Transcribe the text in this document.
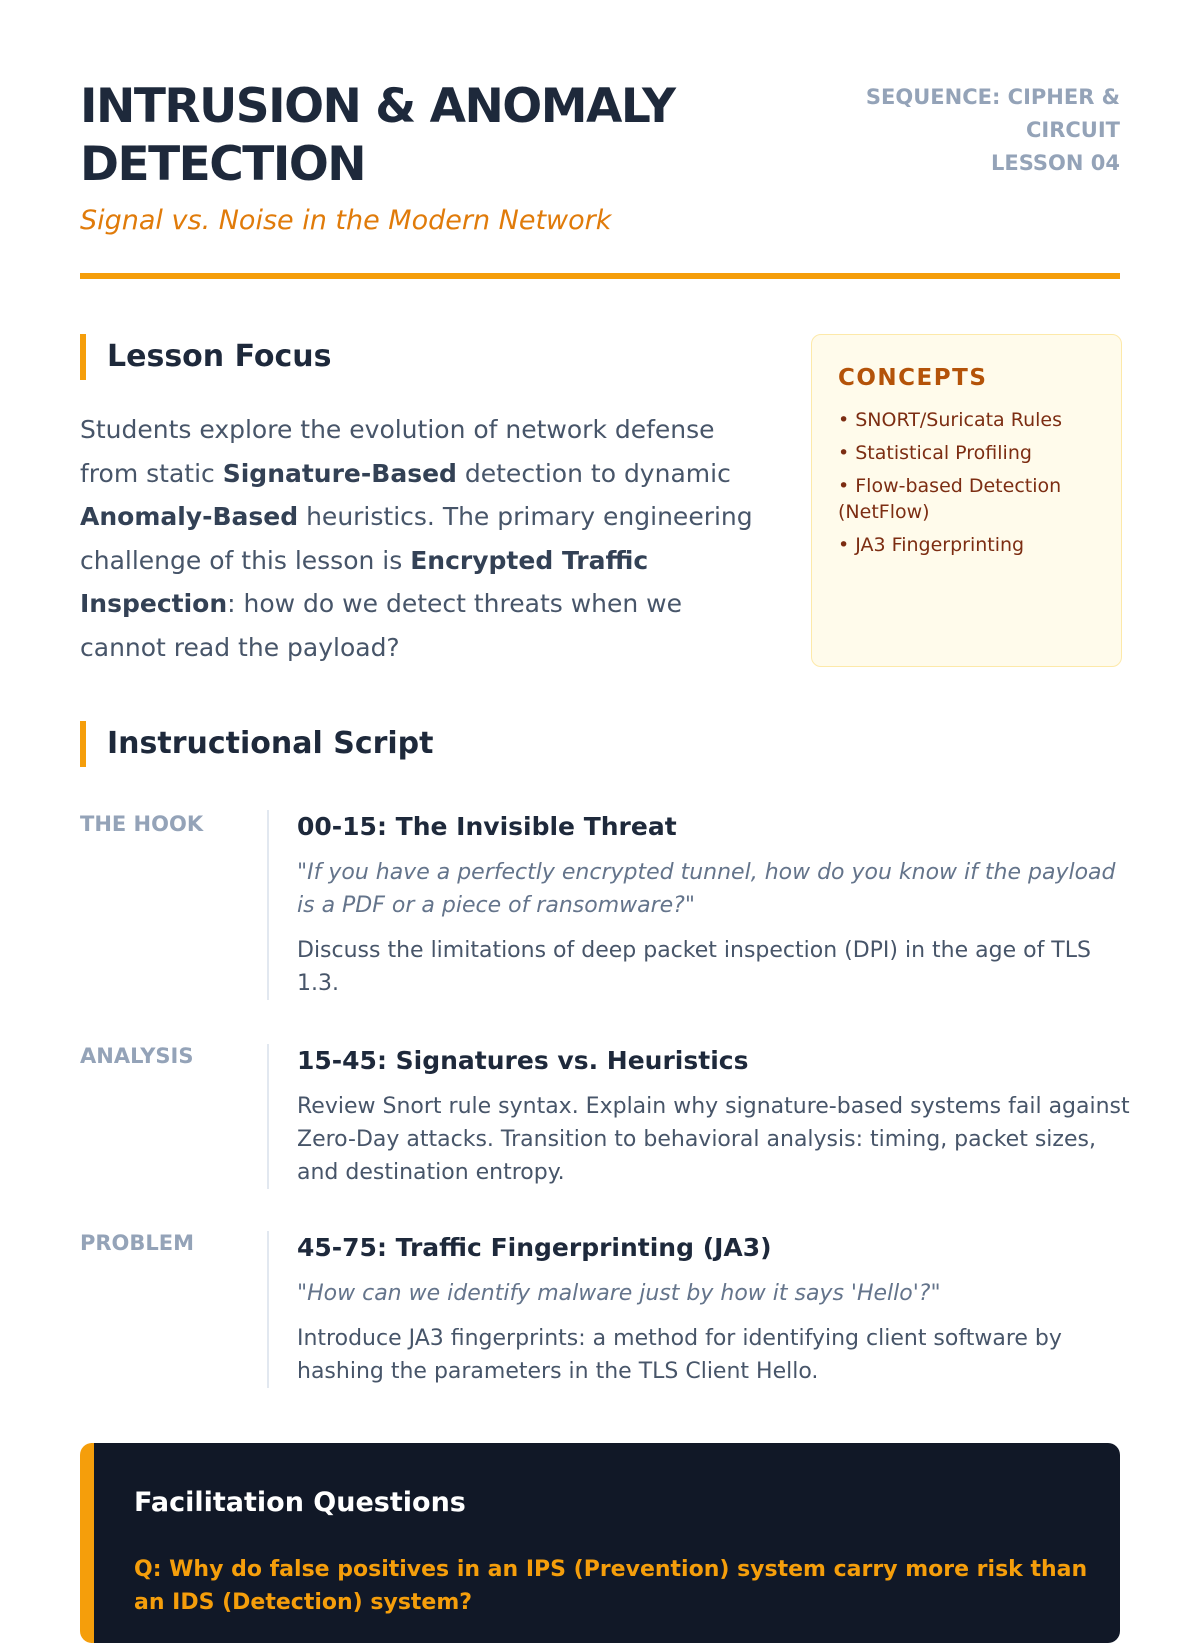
INTRUSION & ANOMALY DETECTION

Signal vs. Noise in the Modern Network

SEQUENCE: CIPHER & CIRCUIT
LESSON 04
Lesson Focus

Students explore the evolution of network defense from static Signature-Based detection to dynamic Anomaly-Based heuristics. The primary engineering challenge of this lesson is Encrypted Traffic Inspection: how do we detect threats when we cannot read the payload?

CONCEPTS
• SNORT/Suricata Rules
• Statistical Profiling
• Flow-based Detection (NetFlow)
• JA3 Fingerprinting
Instructional Script
THE HOOK	00-15: The Invisible Threat

"If you have a perfectly encrypted tunnel, how do you know if the payload is a PDF or a piece of ransomware?"

Discuss the limitations of deep packet inspection (DPI) in the age of TLS 1.3.

ANALYSIS	15-45: Signatures vs. Heuristics

Review Snort rule syntax. Explain why signature-based systems fail against Zero-Day attacks. Transition to behavioral analysis: timing, packet sizes, and destination entropy.

PROBLEM	45-75: Traffic Fingerprinting (JA3)

"How can we identify malware just by how it says 'Hello'?"

Introduce JA3 fingerprints: a method for identifying client software by hashing the parameters in the TLS Client Hello.

Facilitation Questions

Q: Why do false positives in an IPS (Prevention) system carry more risk than an IDS (Detection) system?
